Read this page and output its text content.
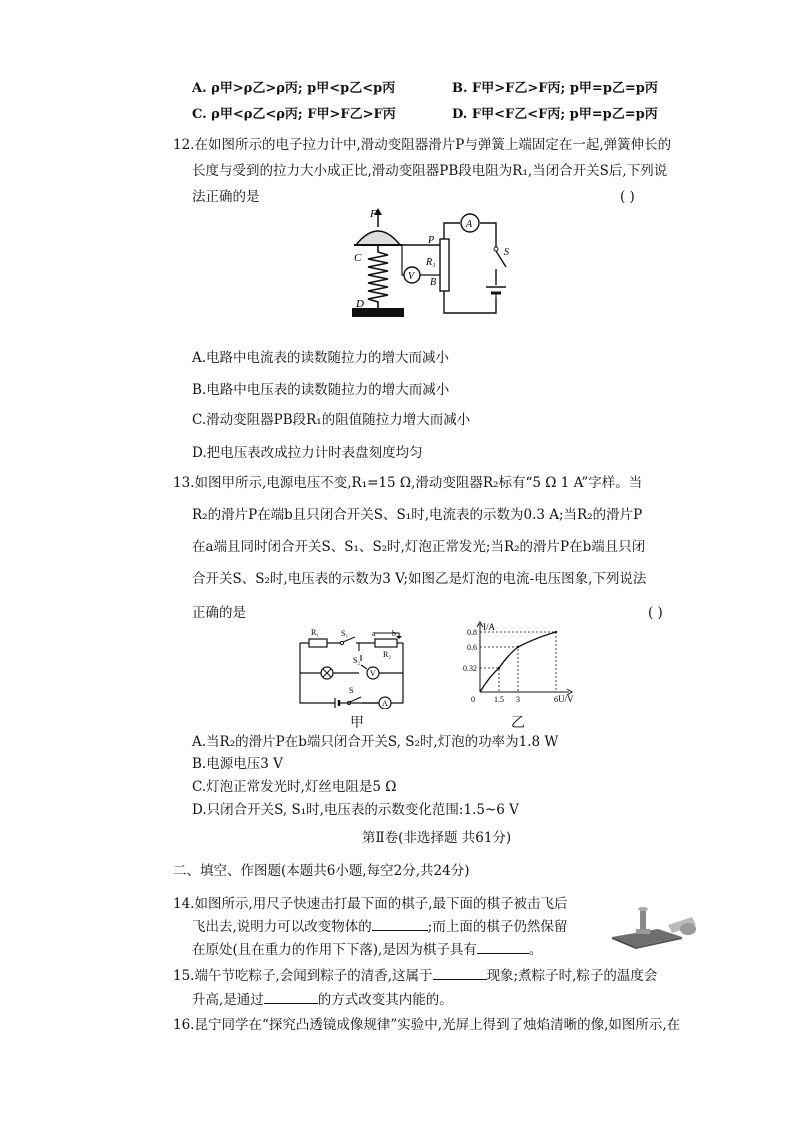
A. ρ甲>ρ乙>ρ丙; p甲<p乙<p丙	B. F甲>F乙>F丙; p甲=p乙=p丙
C. ρ甲<ρ乙<ρ丙; F甲>F乙>F丙	D. F甲<F乙<F丙; p甲=p乙=p丙
12.在如图所示的电子拉力计中,滑动变阻器滑片P与弹簧上端固定在一起,弹簧伸长的
长度与受到的拉力大小成正比,滑动变阻器PB段电阻为R₁,当闭合开关S后,下列说
法正确的是	( )
F
C
D
P
R₁
B
V
A
S
A.电路中电流表的读数随拉力的增大而减小
B.电路中电压表的读数随拉力的增大而减小
C.滑动变阻器PB段R₁的阻值随拉力增大而减小
D.把电压表改成拉力计时表盘刻度均匀
13.如图甲所示,电源电压不变,R₁=15 Ω,滑动变阻器R₂标有“5 Ω 1 A”字样。当
R₂的滑片P在端b且只闭合开关S、S₁时,电流表的示数为0.3 A;当R₂的滑片P
在a端且同时闭合开关S、S₁、S₂时,灯泡正常发光;当R₂的滑片P在b端且只闭
合开关S、S₂时,电压表的示数为3 V;如图乙是灯泡的电流-电压图象,下列说法
正确的是	( )
R₁	S₁	a b
R₂
S₂
S
V
A
I/A
U/V
0.32
0.6
0.8
0 1.5 3	6
甲	乙
A.当R₂的滑片P在b端只闭合开关S, S₂时,灯泡的功率为1.8 W
B.电源电压3 V
C.灯泡正常发光时,灯丝电阻是5 Ω
D.只闭合开关S, S₁时,电压表的示数变化范围:1.5~6 V
第Ⅱ卷(非选择题 共61分)
二、填空、作图题(本题共6小题,每空2分,共24分)
14.如图所示,用尺子快速击打最下面的棋子,最下面的棋子被击飞后
飞出去,说明力可以改变物体的	;而上面的棋子仍然保留
在原处(且在重力的作用下下落),是因为棋子具有	。
15.端午节吃粽子,会闻到粽子的清香,这属于	现象;煮粽子时,粽子的温度会
升高,是通过	的方式改变其内能的。
16.昆宁同学在“探究凸透镜成像规律”实验中,光屏上得到了烛焰清晰的像,如图所示,在
